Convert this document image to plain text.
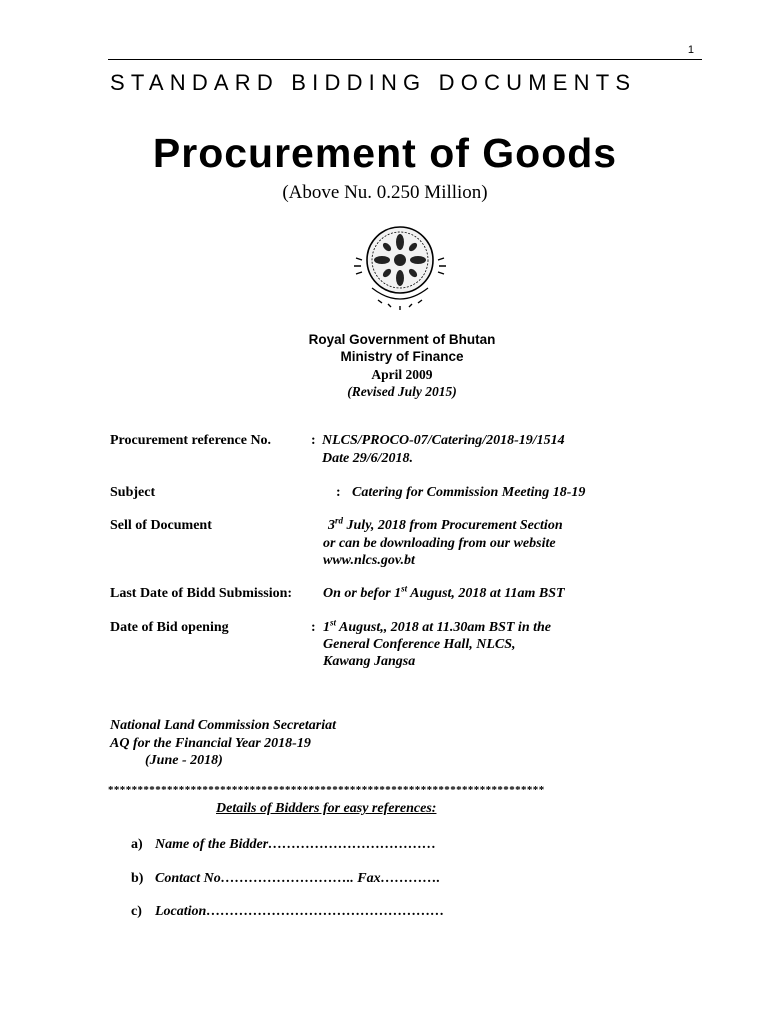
1
STANDARD BIDDING DOCUMENTS
Procurement of Goods
(Above Nu. 0.250 Million)
Royal Government of Bhutan
Ministry of Finance
April 2009
(Revised July 2015)
Procurement reference No.	: NLCS/PROCO-07/Catering/2018-19/1514
Date 29/6/2018.
Subject	: Catering for Commission Meeting 18-19
Sell of Document	3rd July, 2018 from Procurement Section
or can be downloading from our website
www.nlcs.gov.bt
Last Date of Bidd Submission: On or befor 1st August, 2018 at 11am BST
Date of Bid opening	: 1st August,, 2018 at 11.30am BST in the
General Conference Hall, NLCS,
Kawang Jangsa
National Land Commission Secretariat
AQ for the Financial Year 2018-19
(June - 2018)
**************************************************************************
Details of Bidders for easy references:
a) Name of the Bidder………………………………
b) Contact No……………………….. Fax………….
c) Location……………………………………………
